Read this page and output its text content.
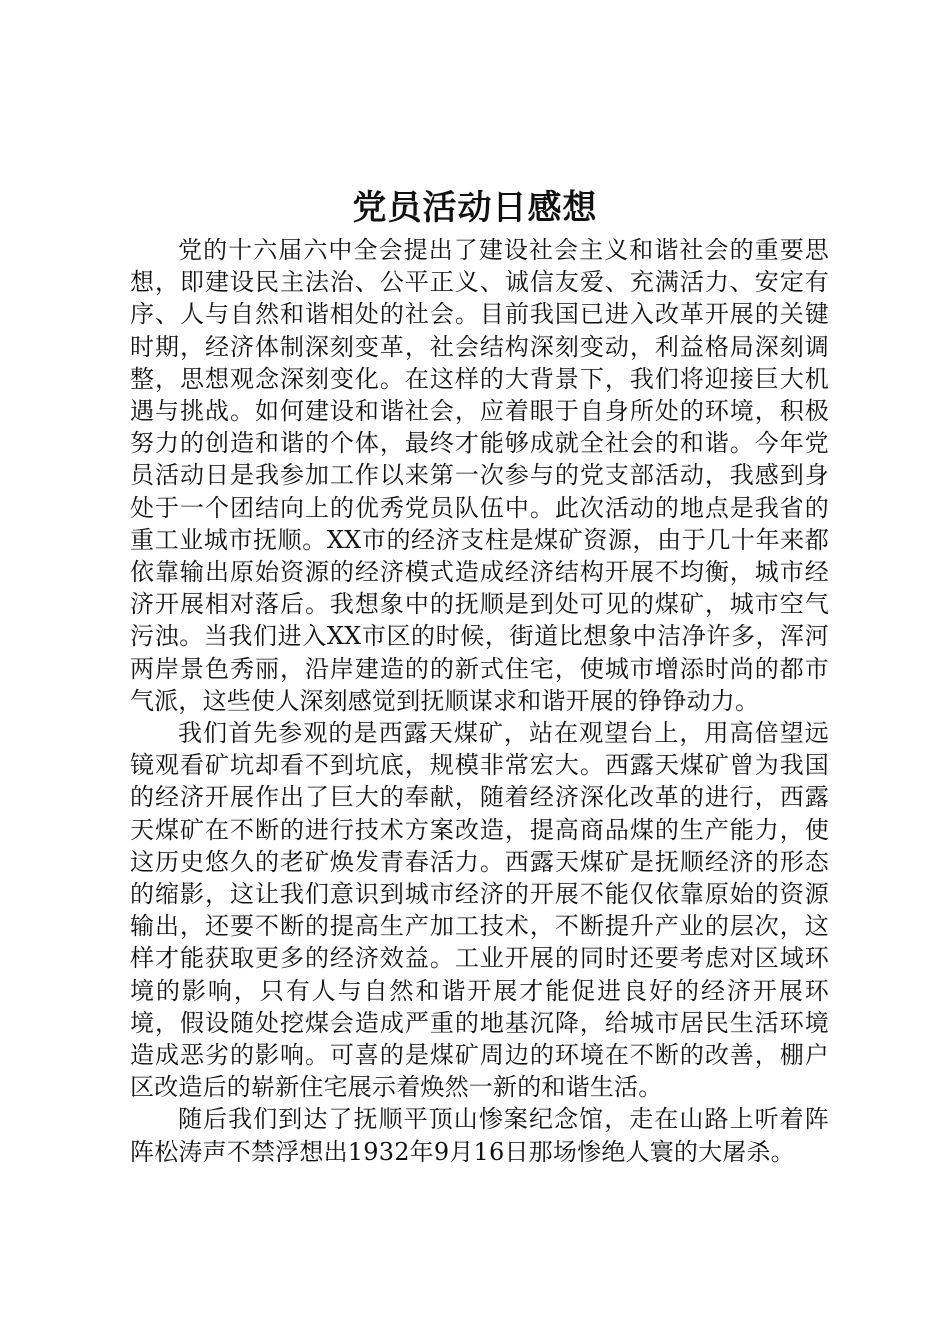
党员活动日感想

党的十六届六中全会提出了建设社会主义和谐社会的重要思想，即建设民主法治、公平正义、诚信友爱、充满活力、安定有序、人与自然和谐相处的社会。目前我国已进入改革开展的关键时期，经济体制深刻变革，社会结构深刻变动，利益格局深刻调整，思想观念深刻变化。在这样的大背景下，我们将迎接巨大机遇与挑战。如何建设和谐社会，应着眼于自身所处的环境，积极努力的创造和谐的个体，最终才能够成就全社会的和谐。今年党员活动日是我参加工作以来第一次参与的党支部活动，我感到身处于一个团结向上的优秀党员队伍中。此次活动的地点是我省的重工业城市抚顺。XX市的经济支柱是煤矿资源，由于几十年来都依靠输出原始资源的经济模式造成经济结构开展不均衡，城市经济开展相对落后。我想象中的抚顺是到处可见的煤矿，城市空气污浊。当我们进入XX市区的时候，街道比想象中洁净许多，浑河两岸景色秀丽，沿岸建造的的新式住宅，使城市增添时尚的都市气派，这些使人深刻感觉到抚顺谋求和谐开展的铮铮动力。

我们首先参观的是西露天煤矿，站在观望台上，用高倍望远镜观看矿坑却看不到坑底，规模非常宏大。西露天煤矿曾为我国的经济开展作出了巨大的奉献，随着经济深化改革的进行，西露天煤矿在不断的进行技术方案改造，提高商品煤的生产能力，使这历史悠久的老矿焕发青春活力。西露天煤矿是抚顺经济的形态的缩影，这让我们意识到城市经济的开展不能仅依靠原始的资源输出，还要不断的提高生产加工技术，不断提升产业的层次，这样才能获取更多的经济效益。工业开展的同时还要考虑对区域环境的影响，只有人与自然和谐开展才能促进良好的经济开展环境，假设随处挖煤会造成严重的地基沉降，给城市居民生活环境造成恶劣的影响。可喜的是煤矿周边的环境在不断的改善，棚户区改造后的崭新住宅展示着焕然一新的和谐生活。

随后我们到达了抚顺平顶山惨案纪念馆，走在山路上听着阵阵松涛声不禁浮想出1932年9月16日那场惨绝人寰的大屠杀。
